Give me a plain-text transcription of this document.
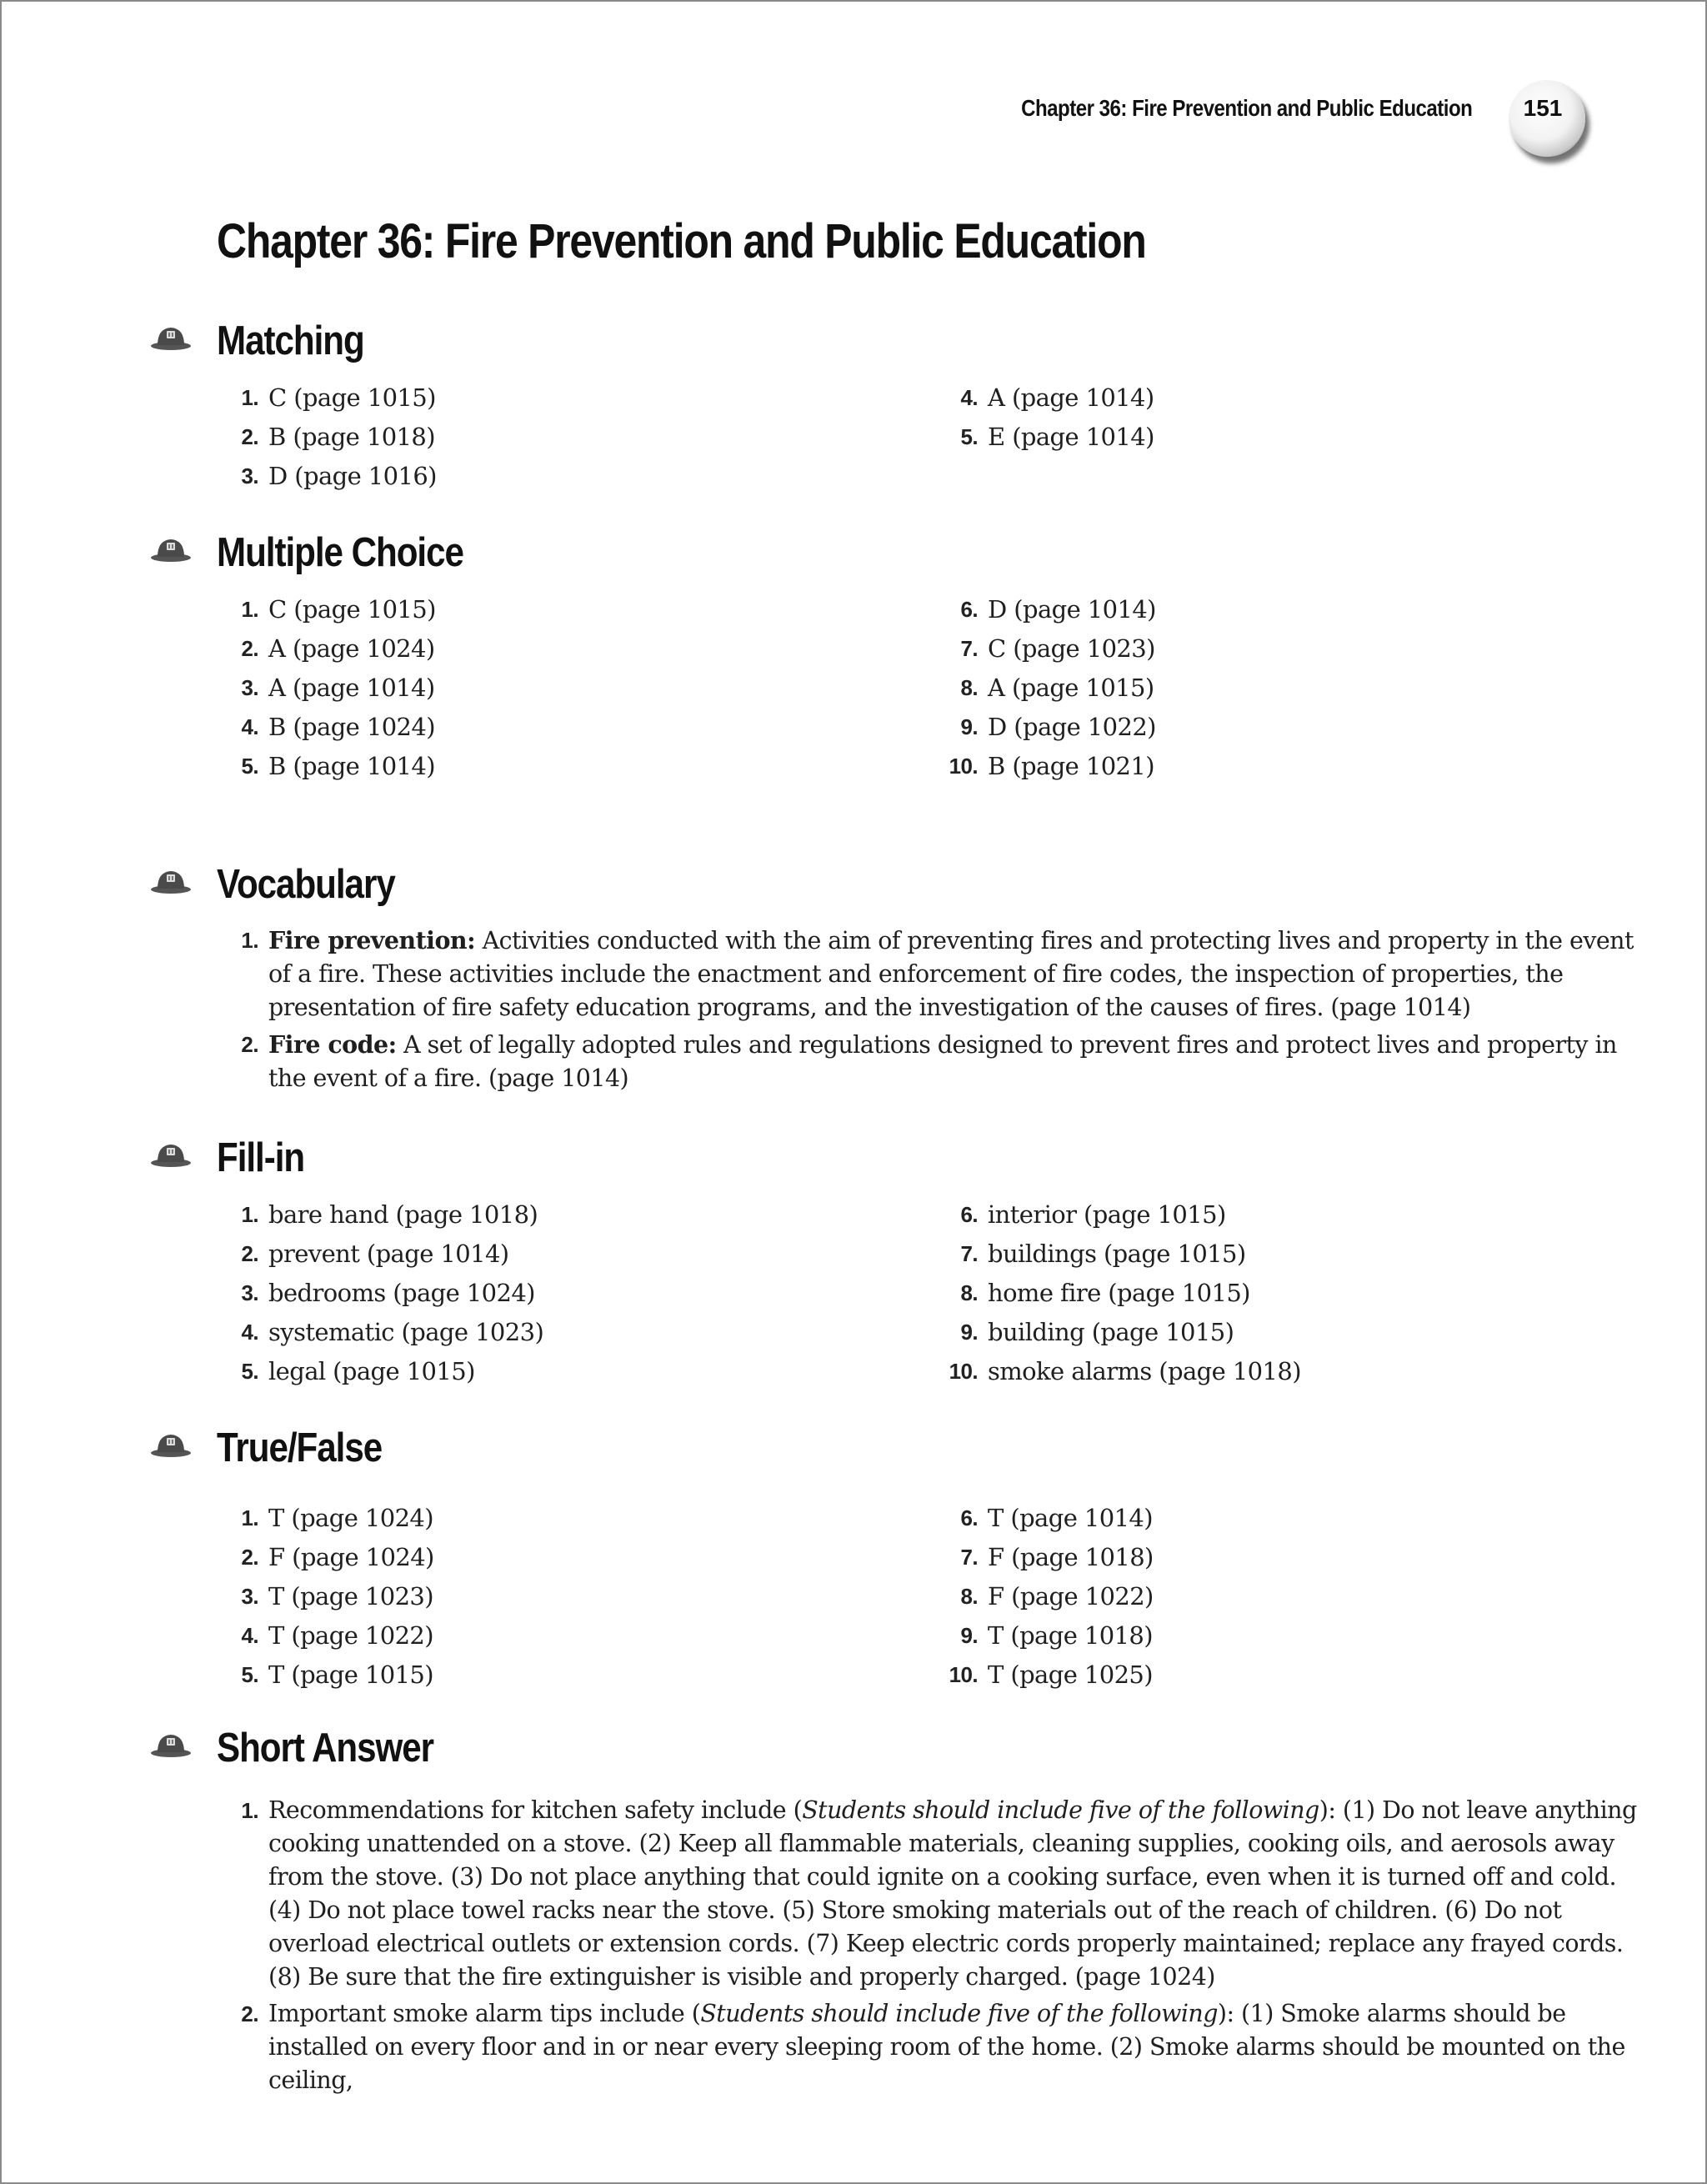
Chapter 36: Fire Prevention and Public Education	151
Chapter 36: Fire Prevention and Public Education
Matching
1. C (page 1015)
2. B (page 1018)
3. D (page 1016)
4. A (page 1014)
5. E (page 1014)
Multiple Choice
1. C (page 1015)
2. A (page 1024)
3. A (page 1014)
4. B (page 1024)
5. B (page 1014)
6. D (page 1014)
7. C (page 1023)
8. A (page 1015)
9. D (page 1022)
10. B (page 1021)
Vocabulary
1. Fire prevention: Activities conducted with the aim of preventing fires and protecting lives and property in the event of a fire. These activities include the enactment and enforcement of fire codes, the inspection of properties, the presentation of fire safety education programs, and the investigation of the causes of fires. (page 1014)
2. Fire code: A set of legally adopted rules and regulations designed to prevent fires and protect lives and property in the event of a fire. (page 1014)
Fill-in
1. bare hand (page 1018)
2. prevent (page 1014)
3. bedrooms (page 1024)
4. systematic (page 1023)
5. legal (page 1015)
6. interior (page 1015)
7. buildings (page 1015)
8. home fire (page 1015)
9. building (page 1015)
10. smoke alarms (page 1018)
True/False
1. T (page 1024)
2. F (page 1024)
3. T (page 1023)
4. T (page 1022)
5. T (page 1015)
6. T (page 1014)
7. F (page 1018)
8. F (page 1022)
9. T (page 1018)
10. T (page 1025)
Short Answer
1. Recommendations for kitchen safety include (Students should include five of the following): (1) Do not leave anything cooking unattended on a stove. (2) Keep all flammable materials, cleaning supplies, cooking oils, and aerosols away from the stove. (3) Do not place anything that could ignite on a cooking surface, even when it is turned off and cold. (4) Do not place towel racks near the stove. (5) Store smoking materials out of the reach of children. (6) Do not overload electrical outlets or extension cords. (7) Keep electric cords properly maintained; replace any frayed cords. (8) Be sure that the fire extinguisher is visible and properly charged. (page 1024)
2. Important smoke alarm tips include (Students should include five of the following): (1) Smoke alarms should be installed on every floor and in or near every sleeping room of the home. (2) Smoke alarms should be mounted on the ceiling,
